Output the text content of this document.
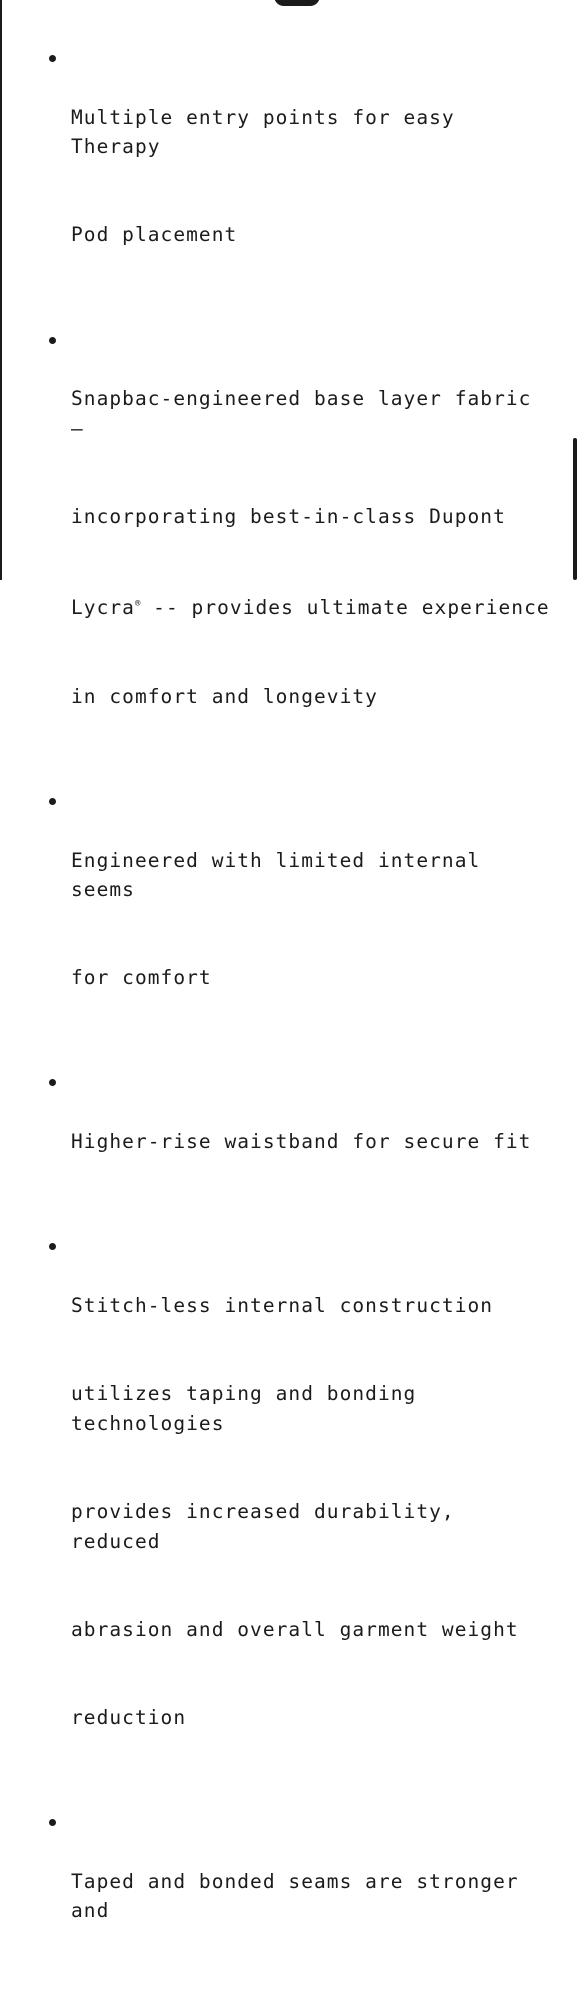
Multiple entry points for easy Therapy

Pod placement

Snapbac-engineered base layer fabric –

incorporating best-in-class Dupont

Lycra® -- provides ultimate experience

in comfort and longevity

Engineered with limited internal seems

for comfort

Higher-rise waistband for secure fit

Stitch-less internal construction

utilizes taping and bonding technologies

provides increased durability, reduced

abrasion and overall garment weight

reduction

Taped and bonded seams are stronger and
